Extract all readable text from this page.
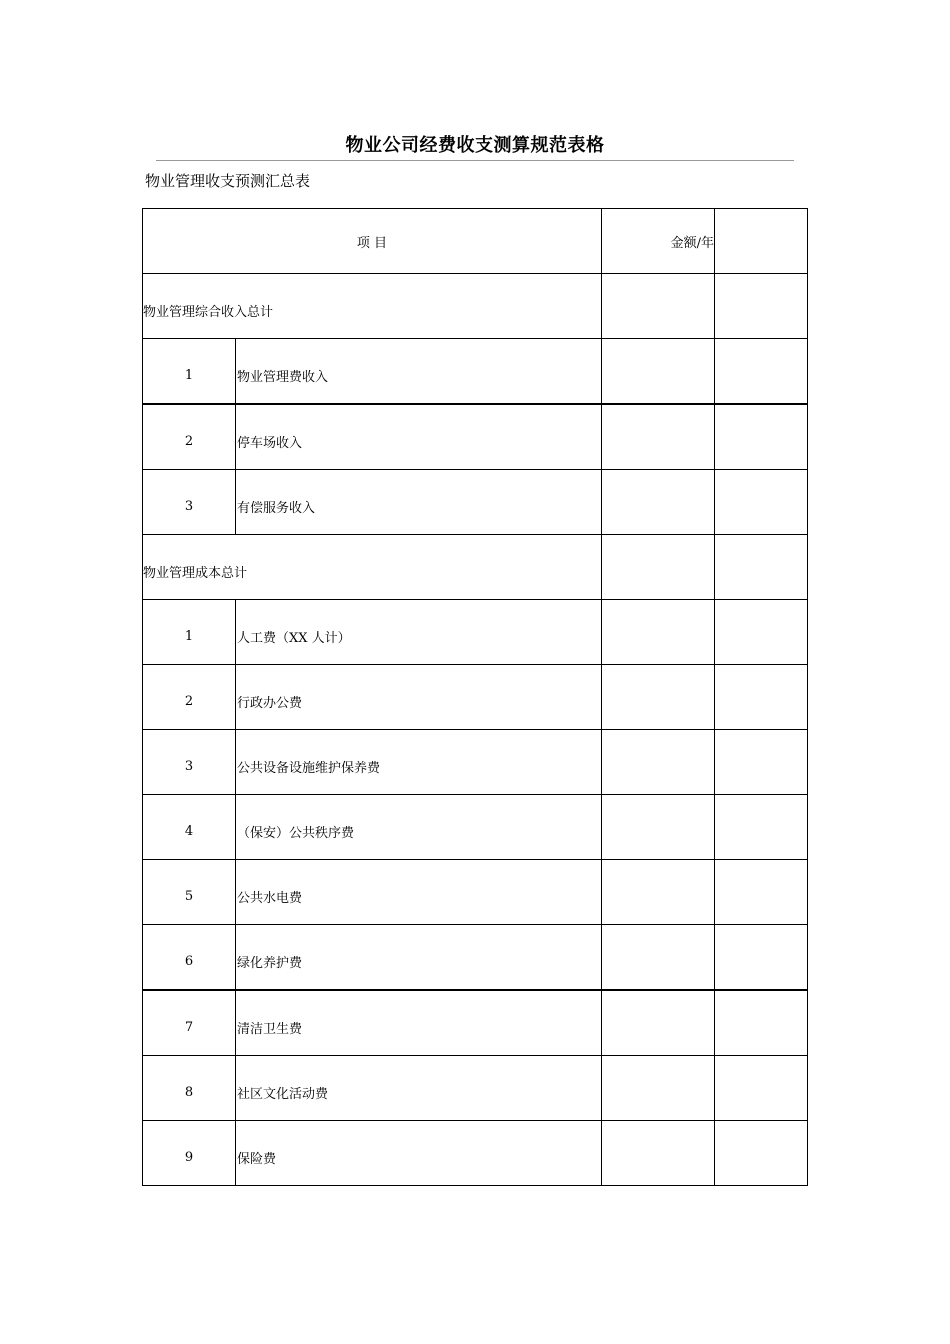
物业公司经费收支测算规范表格
物业管理收支预测汇总表
项 目		金额/年	
物业管理综合收入总计			
1	物业管理费收入		
2	停车场收入		
3	有偿服务收入		
物业管理成本总计			
1	人工费（XX 人计）		
2	行政办公费		
3	公共设备设施维护保养费		
4	（保安）公共秩序费		
5	公共水电费		
6	绿化养护费		
7	清洁卫生费		
8	社区文化活动费		
9	保险费		
